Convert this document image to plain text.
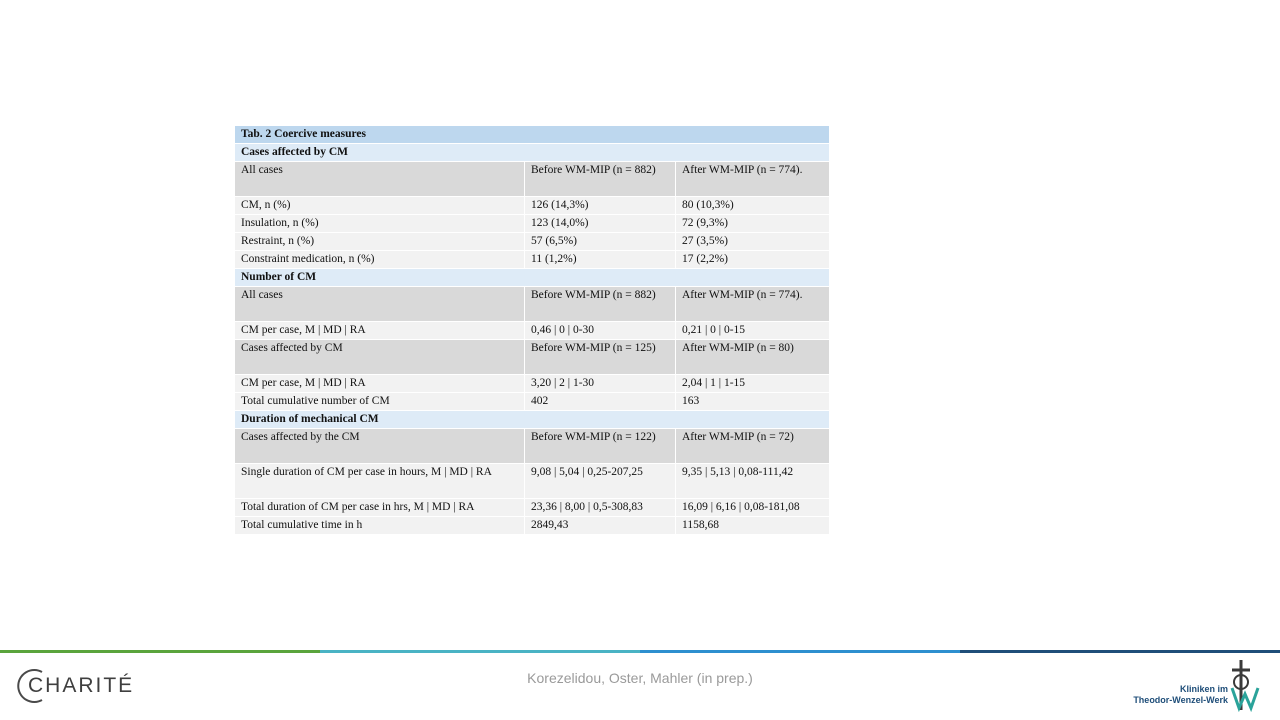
Tab. 2 Coercive measures		
Cases affected by CM		
All cases	Before WM-MIP (n = 882)	After WM-MIP (n = 774).
CM, n (%)	126 (14,3%)	80 (10,3%)
Insulation, n (%)	123 (14,0%)	72 (9,3%)
Restraint, n (%)	57 (6,5%)	27 (3,5%)
Constraint medication, n (%)	11 (1,2%)	17 (2,2%)
Number of CM		
All cases	Before WM-MIP (n = 882)	After WM-MIP (n = 774).
CM per case, M | MD | RA	0,46 | 0 | 0-30	0,21 | 0 | 0-15
Cases affected by CM	Before WM-MIP (n = 125)	After WM-MIP (n = 80)
CM per case, M | MD | RA	3,20 | 2 | 1-30	2,04 | 1 | 1-15
Total cumulative number of CM	402	163
Duration of mechanical CM		
Cases affected by the CM	Before WM-MIP (n = 122)	After WM-MIP (n = 72)
Single duration of CM per case in hours, M | MD | RA	9,08 | 5,04 | 0,25-207,25	9,35 | 5,13 | 0,08-111,42
Total duration of CM per case in hrs, M | MD | RA	23,36 | 8,00 | 0,5-308,83	16,09 | 6,16 | 0,08-181,08
Total cumulative time in h	2849,43	1158,68
Korezelidou, Oster, Mahler (in prep.)
CHARITÉ	Kliniken im
Theodor-Wenzel-Werk
